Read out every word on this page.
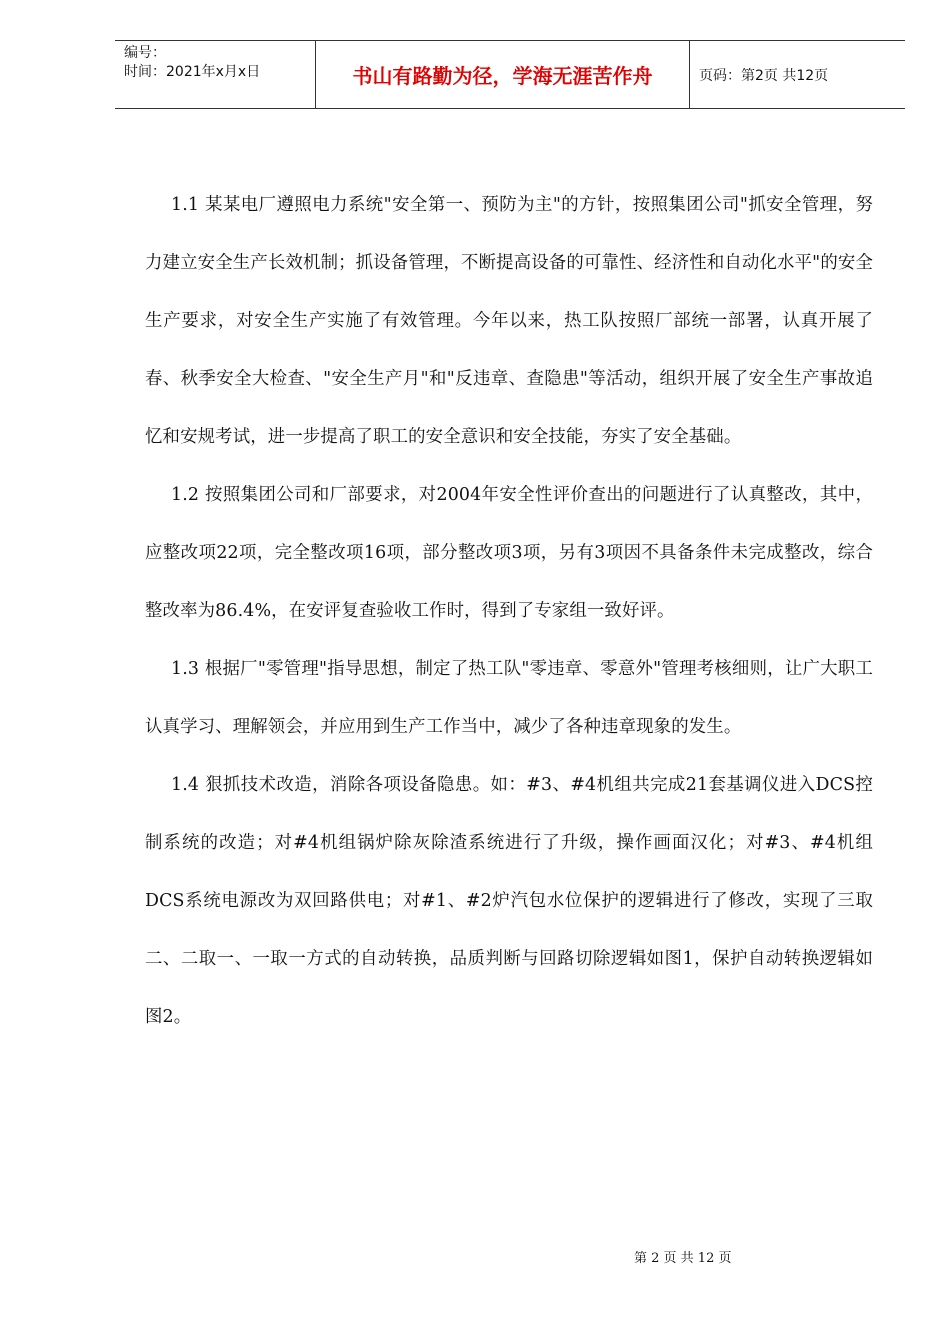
编号：
时间：2021年x月x日	书山有路勤为径，学海无涯苦作舟	页码：第2页 共12页

1.1 某某电厂遵照电力系统"安全第一、预防为主"的方针，按照集团公司"抓安全管理，努力建立安全生产长效机制；抓设备管理，不断提高设备的可靠性、经济性和自动化水平"的安全生产要求，对安全生产实施了有效管理。今年以来，热工队按照厂部统一部署，认真开展了春、秋季安全大检查、"安全生产月"和"反违章、查隐患"等活动，组织开展了安全生产事故追忆和安规考试，进一步提高了职工的安全意识和安全技能，夯实了安全基础。

1.2 按照集团公司和厂部要求，对2004年安全性评价查出的问题进行了认真整改，其中，应整改项22项，完全整改项16项，部分整改项3项，另有3项因不具备条件未完成整改，综合整改率为86.4%，在安评复查验收工作时，得到了专家组一致好评。

1.3 根据厂"零管理"指导思想，制定了热工队"零违章、零意外"管理考核细则，让广大职工认真学习、理解领会，并应用到生产工作当中，减少了各种违章现象的发生。

1.4 狠抓技术改造，消除各项设备隐患。如：#3、#4机组共完成21套基调仪进入DCS控制系统的改造；对#4机组锅炉除灰除渣系统进行了升级，操作画面汉化；对#3、#4机组DCS系统电源改为双回路供电；对#1、#2炉汽包水位保护的逻辑进行了修改，实现了三取二、二取一、一取一方式的自动转换，品质判断与回路切除逻辑如图1，保护自动转换逻辑如图2。

第 2 页 共 12 页
